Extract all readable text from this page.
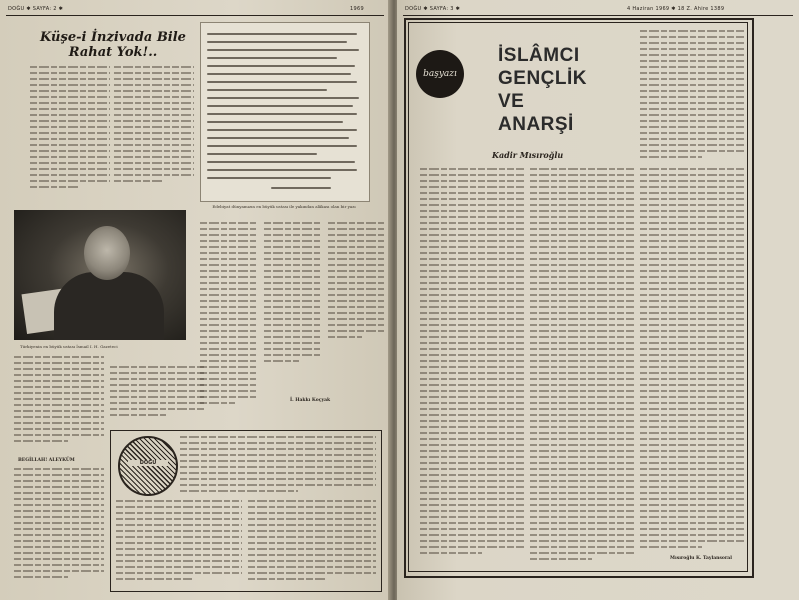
DOĞU ✱ SAYFA: 2 ✱	1969
Küşe-i İnzivada Bile
Rahat Yok!..
Edebiyat dünyamızın en büyük ustası ile yakından alâkası olan bir yazı
Türkiyenin en büyük ustası İsmail I. H. Gazeteci
İ. Hakkı Koçyak
BEGİLLAH! ALEYKÜM	DOĞU
DOĞU ✱ SAYFA: 3 ✱	4 Haziran 1969 ✱ 18 Z. Ahire 1389
başyazı
İSLÂMCI
GENÇLİK
VE
ANARŞİ
Kadir Mısıroğlu
Mısıroğlu K. Taylansoral
